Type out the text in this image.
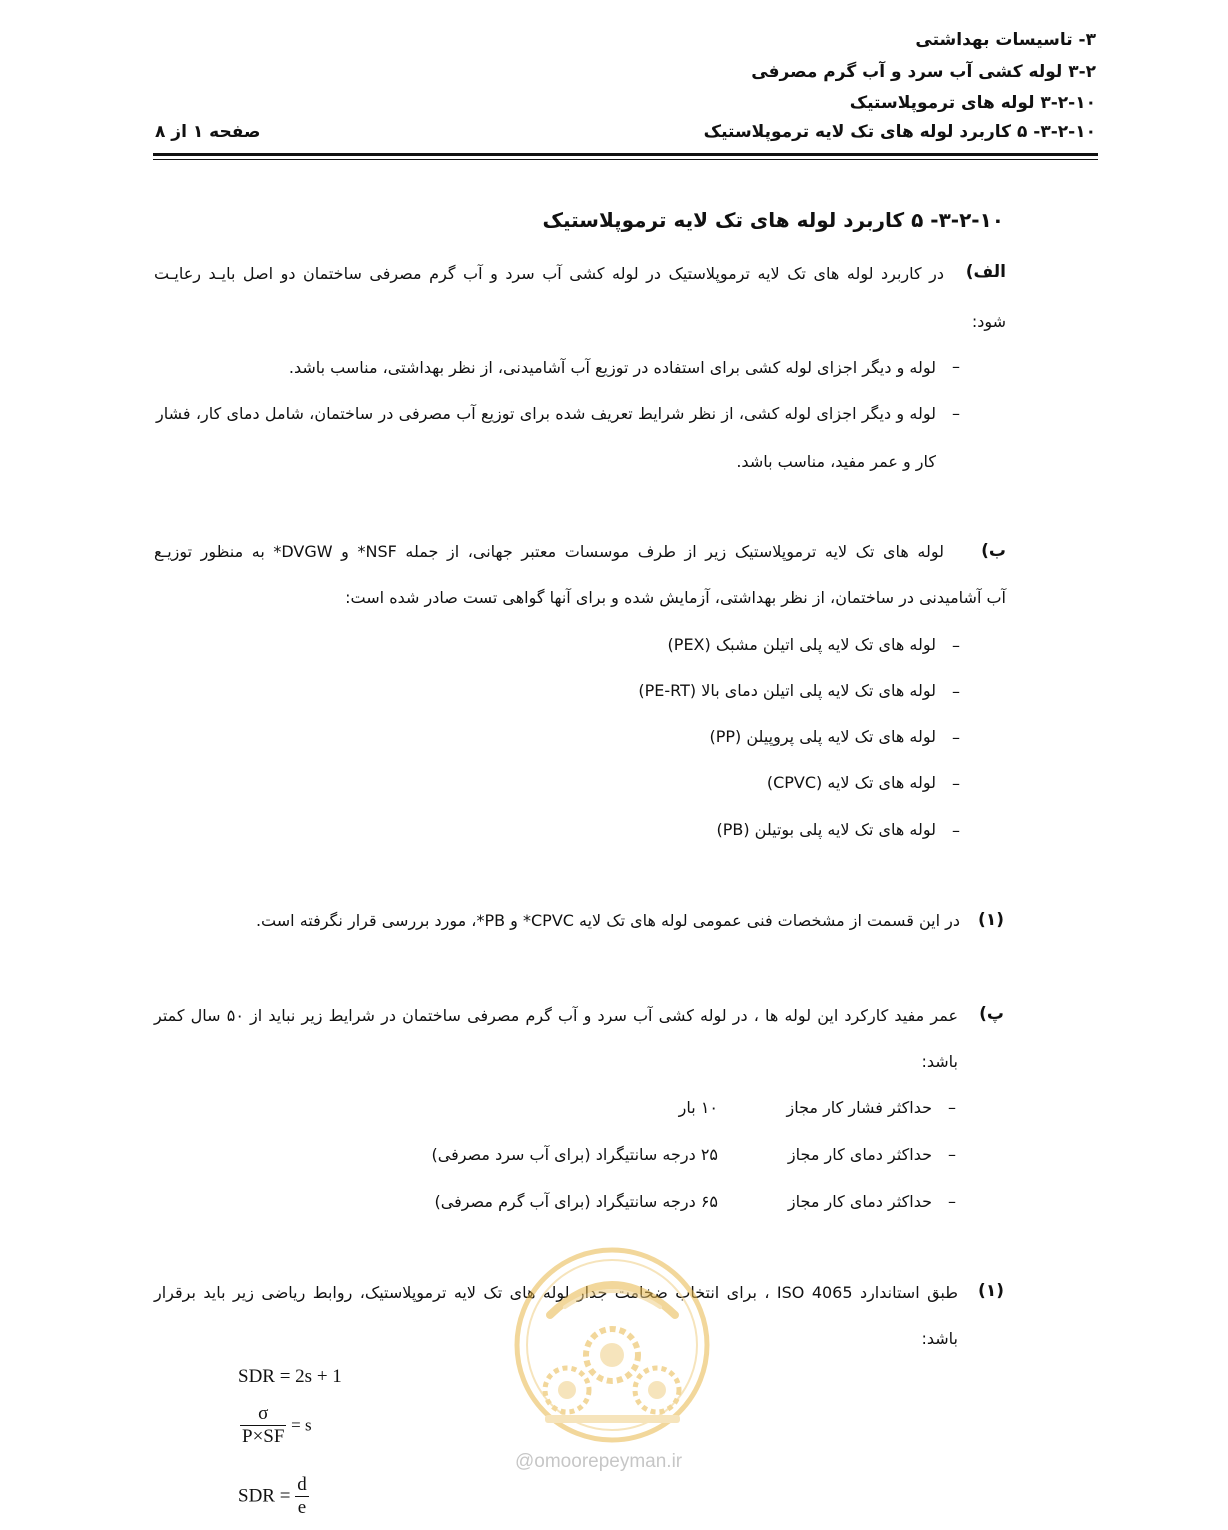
۳- تاسیسات بهداشتی
۳-۲ لوله کشی آب سرد و آب گرم مصرفی
۳-۲-۱۰ لوله های ترموپلاستیک
۳-۲-۱۰- ۵ کاربرد لوله های تک لایه ترموپلاستیک
صفحه ۱ از ۸
۳-۲-۱۰- ۵ کاربرد لوله های تک لایه ترموپلاستیک
الف)
در کاربرد لوله های تک لایه ترموپلاستیک در لوله کشی آب سرد و آب گرم مصرفی ساختمان دو اصل بایـد رعایـت
شود:
–
لوله و دیگر اجزای لوله کشی برای استفاده در توزیع آب آشامیدنی، از نظر بهداشتی، مناسب باشد.
–
لوله و دیگر اجزای لوله کشی، از نظر شرایط تعریف شده برای توزیع آب مصرفی در ساختمان، شامل دمای کار، فشار
کار و عمر مفید، مناسب باشد.
ب)
لوله های تک لایه ترموپلاستیک زیر از طرف موسسات معتبر جهانی، از جمله NSF* و DVGW* به منظور توزیـع
آب آشامیدنی در ساختمان، از نظر بهداشتی، آزمایش شده و برای آنها گواهی تست صادر شده است:
–
لوله های تک لایه پلی اتیلن مشبک (PEX)
–
لوله های تک لایه پلی اتیلن دمای بالا (PE-RT)
–
لوله های تک لایه پلی پروپیلن (PP)
–
لوله های تک لایه (CPVC)
–
لوله های تک لایه پلی بوتیلن (PB)
(۱)
در این قسمت از مشخصات فنی عمومی لوله های تک لایه CPVC* و PB*، مورد بررسی قرار نگرفته است.
پ)
عمر مفید کارکرد این لوله ها ، در لوله کشی آب سرد و آب گرم مصرفی ساختمان در شرایط زیر نباید از ۵۰ سال کمتر
باشد:
–
حداکثر فشار کار مجاز
۱۰ بار
–
حداکثر دمای کار مجاز
۲۵ درجه سانتیگراد (برای آب سرد مصرفی)
–
حداکثر دمای کار مجاز
۶۵ درجه سانتیگراد (برای آب گرم مصرفی)
(۱)
طبق استاندارد ISO 4065 ، برای انتخاب ضخامت جدار لوله های تک لایه ترموپلاستیک، روابط ریاضی زیر باید برقرار
باشد:
@omoorepeyman.ir
SDR = 2s + 1
$\frac{\sigma}{P\times SF} = s$
SDR = $\frac{d}{e}$
